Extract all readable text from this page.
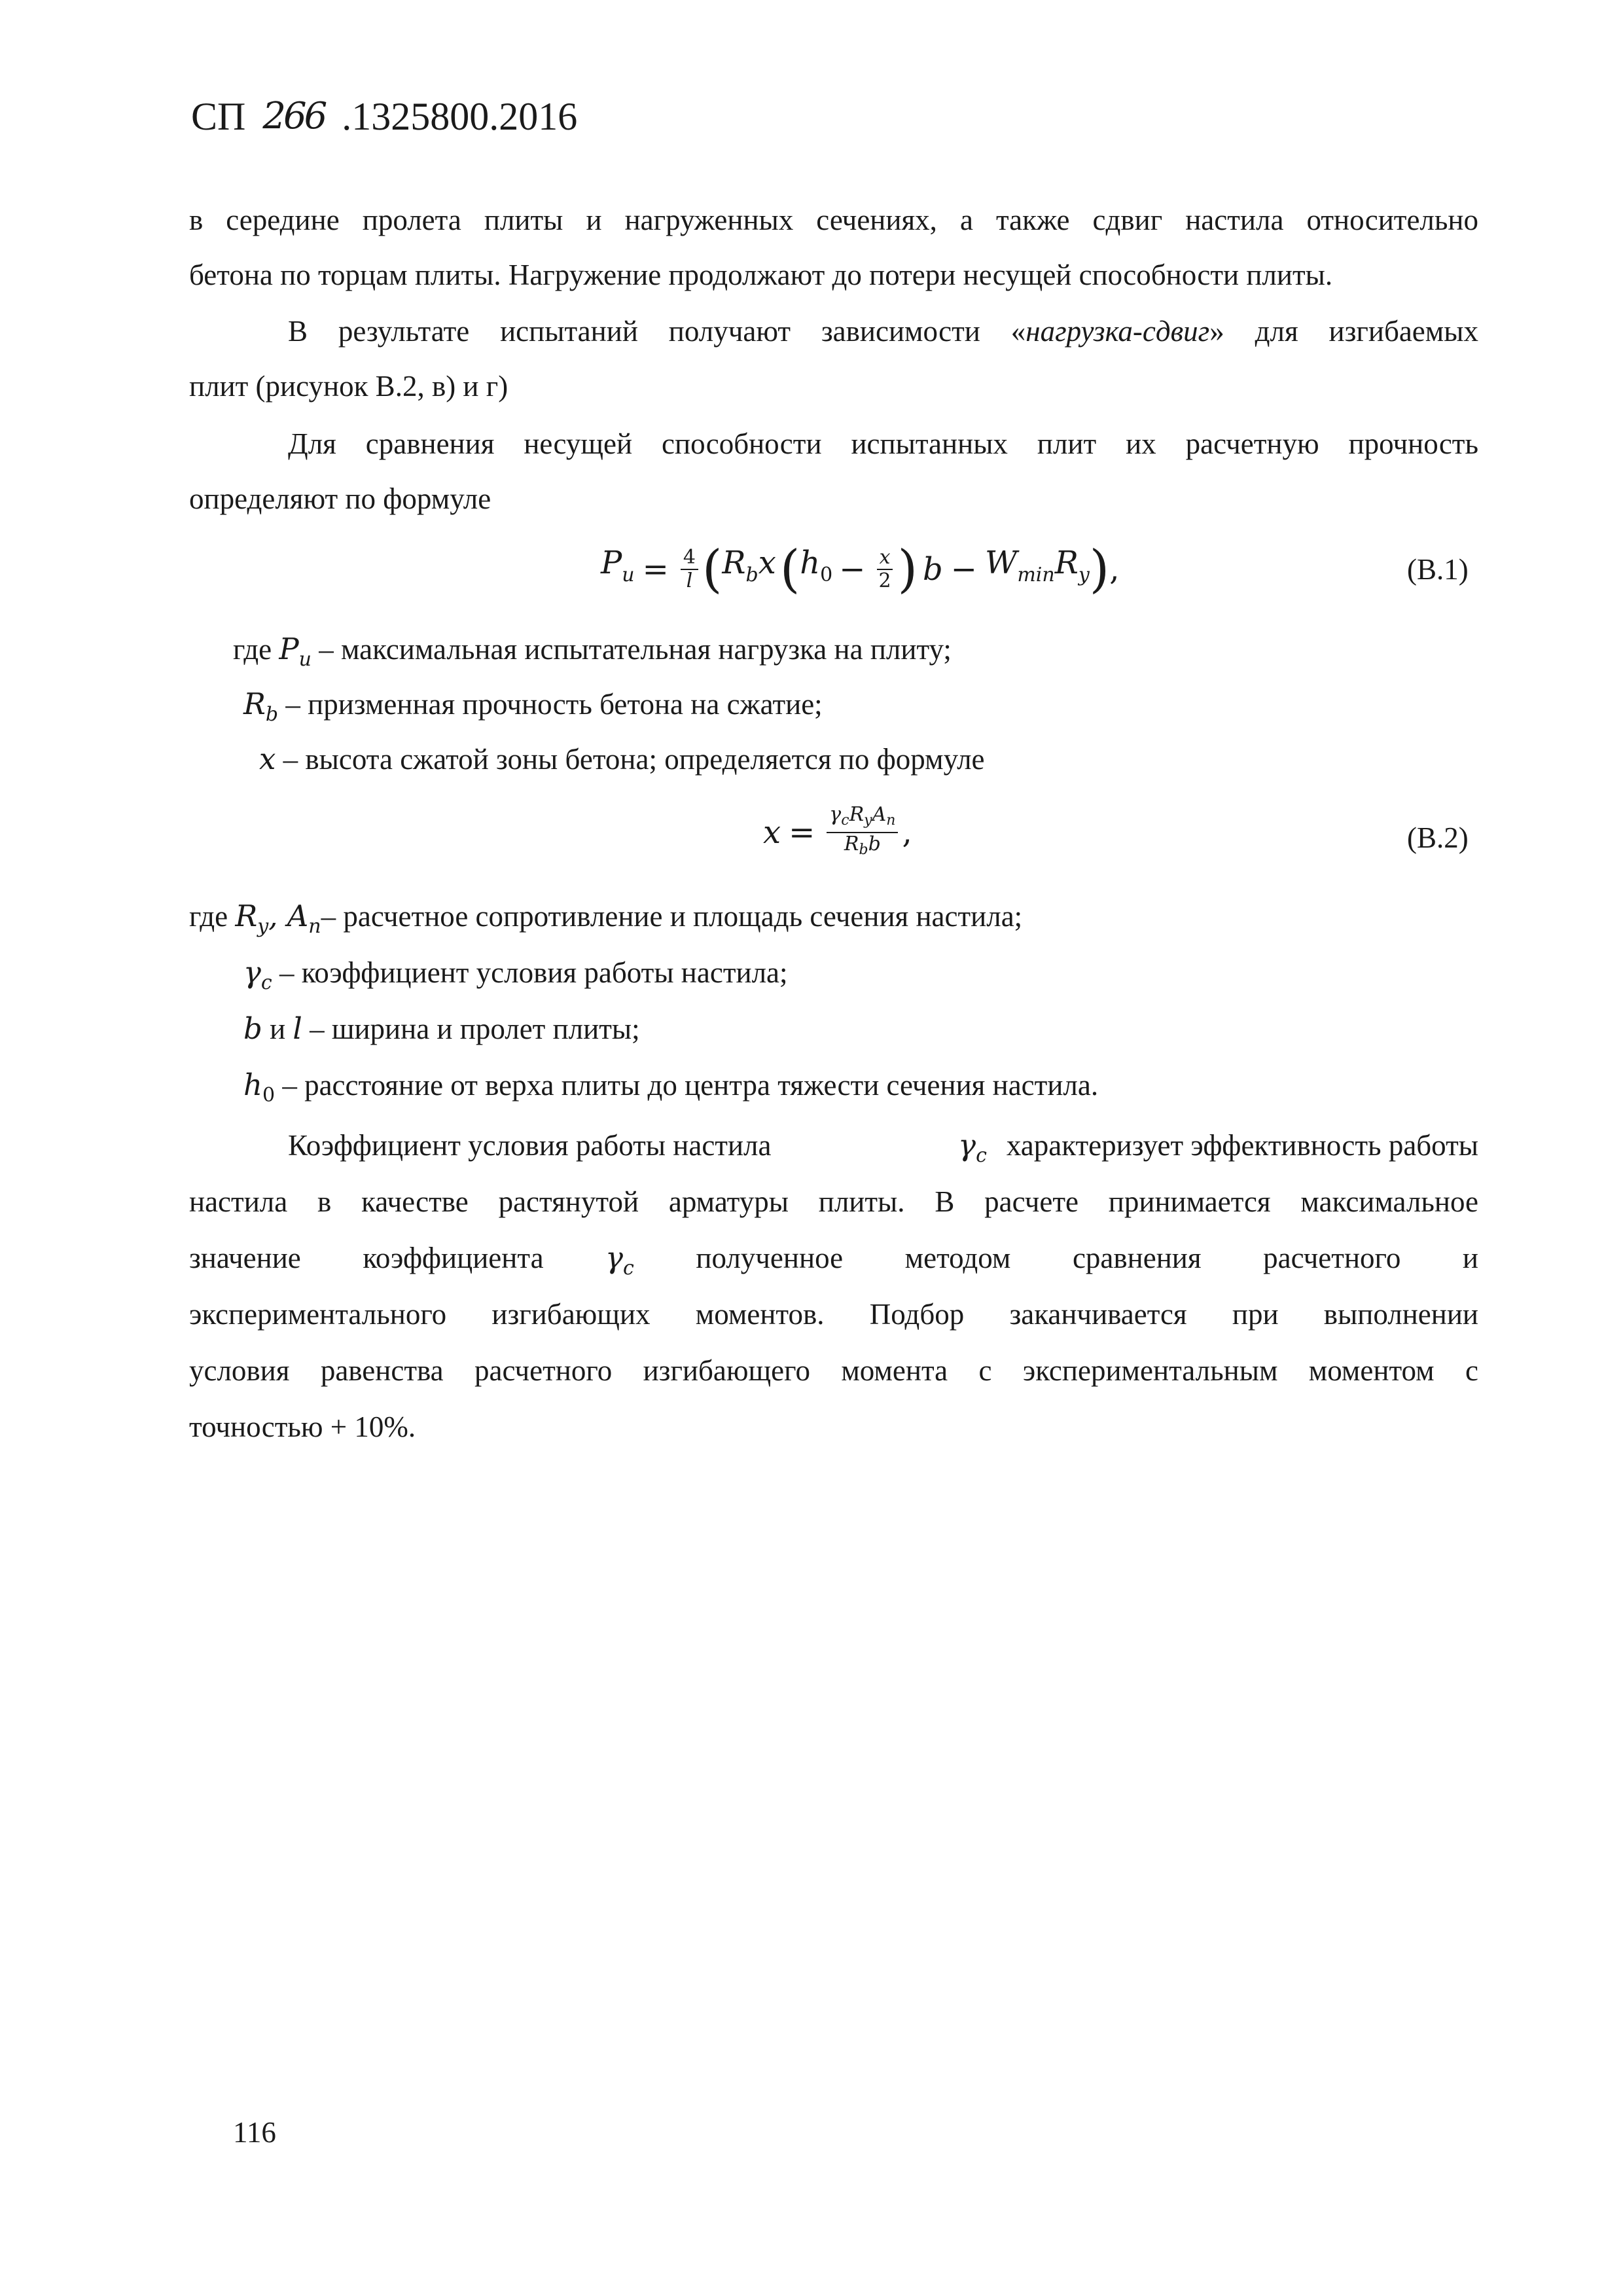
СП 266 .1325800.2016
в середине пролета плиты и нагруженных сечениях, а также сдвиг настила относительно
бетона по торцам плиты. Нагружение продолжают до потери несущей способности плиты.
В результате испытаний получают зависимости «нагрузка-сдвиг» для изгибаемых
плит (рисунок В.2, в) и г)
Для сравнения несущей способности испытанных плит их расчетную прочность
определяют по формуле
$P_u = \frac{4}{l}$ ( $R_bx$ ( $h_0 - \frac{x}{2}$ ) $b - W_{min}R_y$ ) ,	(В.1)
где $P_u$ – максимальная испытательная нагрузка на плиту;
$R_b$ – призменная прочность бетона на сжатие;
x – высота сжатой зоны бетона; определяется по формуле
$x = \frac{\gamma_cR_yA_n}{R_bb}$ ,	(В.2)
где $R_y$, $A_n-$ расчетное сопротивление и площадь сечения настила;
$\gamma_c$ – коэффициент условия работы настила;
b и l – ширина и пролет плиты;
$h_0$ – расстояние от верха плиты до центра тяжести сечения настила.
Коэффициент условия работы настила	$\gamma_c$ характеризует эффективность работы
настила в качестве растянутой арматуры плиты. В расчете принимается максимальное
значение коэффициента $\gamma_c$ полученное методом сравнения расчетного и
экспериментального изгибающих моментов. Подбор заканчивается при выполнении
условия равенства расчетного изгибающего момента с экспериментальным моментом с
точностью + 10%.
116
